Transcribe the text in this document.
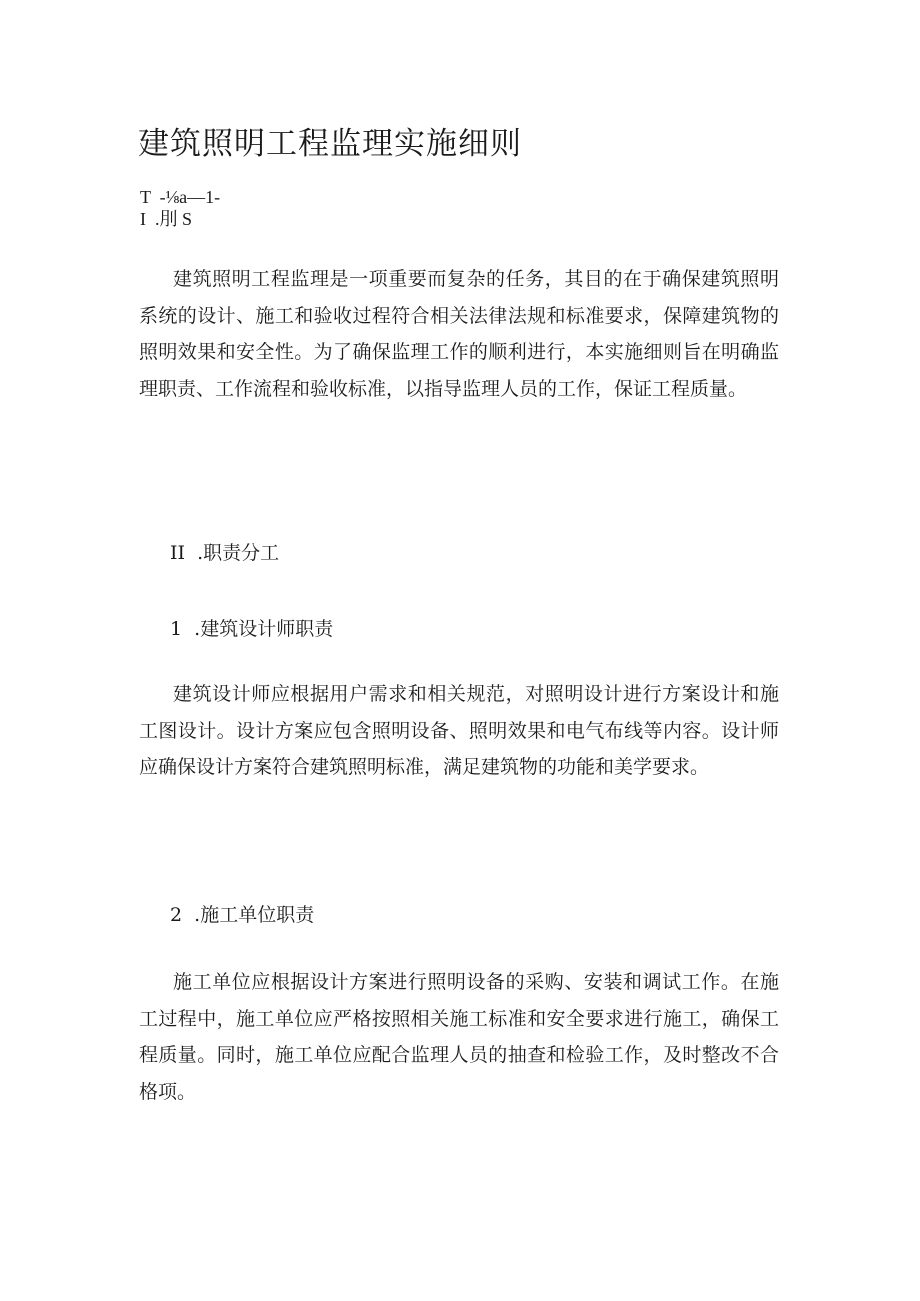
建筑照明工程监理实施细则
T  -⅛a—1-
I  .刖 S

建筑照明工程监理是一项重要而复杂的任务，其目的在于确保建筑照明系统的设计、施工和验收过程符合相关法律法规和标准要求，保障建筑物的照明效果和安全性。为了确保监理工作的顺利进行，本实施细则旨在明确监理职责、工作流程和验收标准，以指导监理人员的工作，保证工程质量。

II  .职责分工
1  .建筑设计师职责

建筑设计师应根据用户需求和相关规范，对照明设计进行方案设计和施工图设计。设计方案应包含照明设备、照明效果和电气布线等内容。设计师应确保设计方案符合建筑照明标准，满足建筑物的功能和美学要求。

2  .施工单位职责

施工单位应根据设计方案进行照明设备的采购、安装和调试工作。在施工过程中，施工单位应严格按照相关施工标准和安全要求进行施工，确保工程质量。同时，施工单位应配合监理人员的抽查和检验工作，及时整改不合格项。
